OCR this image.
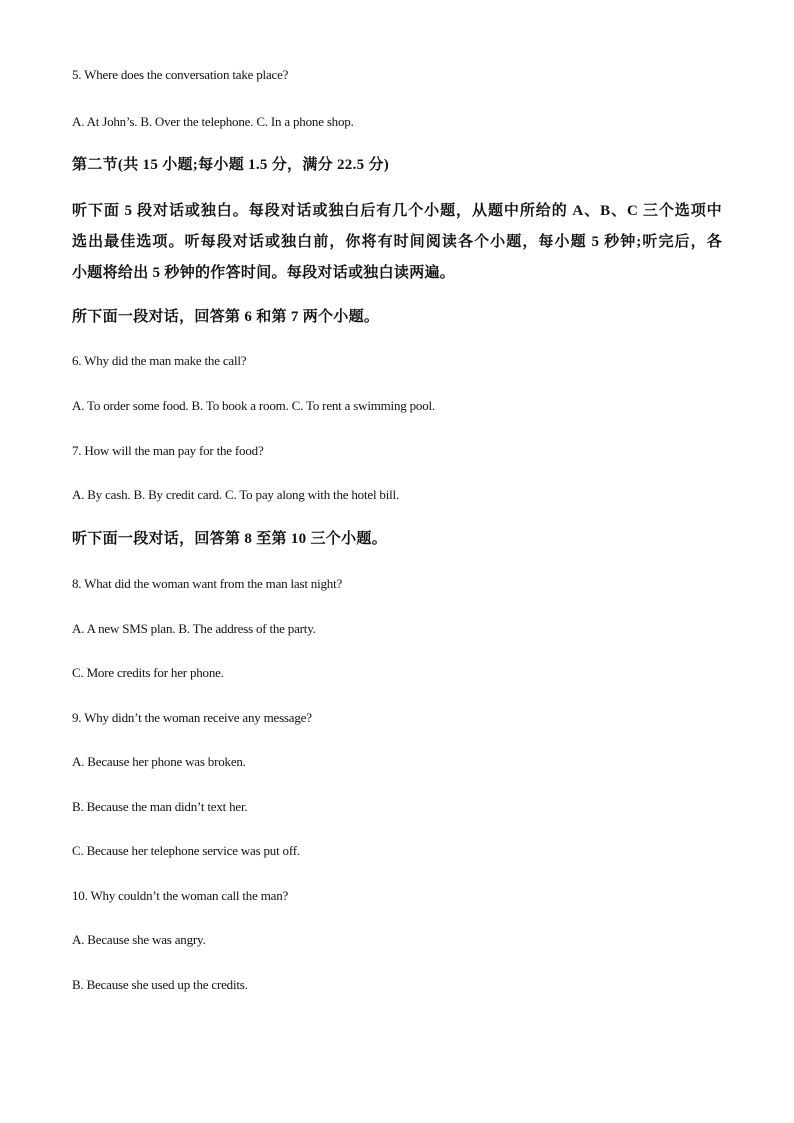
5. Where does the conversation take place?
A. At John’s. B. Over the telephone. C. In a phone shop.
第二节(共 15 小题;每小题 1.5 分，满分 22.5 分)
听下面 5 段对话或独白。每段对话或独白后有几个小题，从题中所给的 A、B、C 三个选项中
选出最佳选项。听每段对话或独白前，你将有时间阅读各个小题，每小题 5 秒钟;听完后，各
小题将给出 5 秒钟的作答时间。每段对话或独白读两遍。
所下面一段对话，回答第 6 和第 7 两个小题。
6. Why did the man make the call?
A. To order some food. B. To book a room. C. To rent a swimming pool.
7. How will the man pay for the food?
A. By cash. B. By credit card. C. To pay along with the hotel bill.
听下面一段对话，回答第 8 至第 10 三个小题。
8. What did the woman want from the man last night?
A. A new SMS plan. B. The address of the party.
C. More credits for her phone.
9. Why didn’t the woman receive any message?
A. Because her phone was broken.
B. Because the man didn’t text her.
C. Because her telephone service was put off.
10. Why couldn’t the woman call the man?
A. Because she was angry.
B. Because she used up the credits.
